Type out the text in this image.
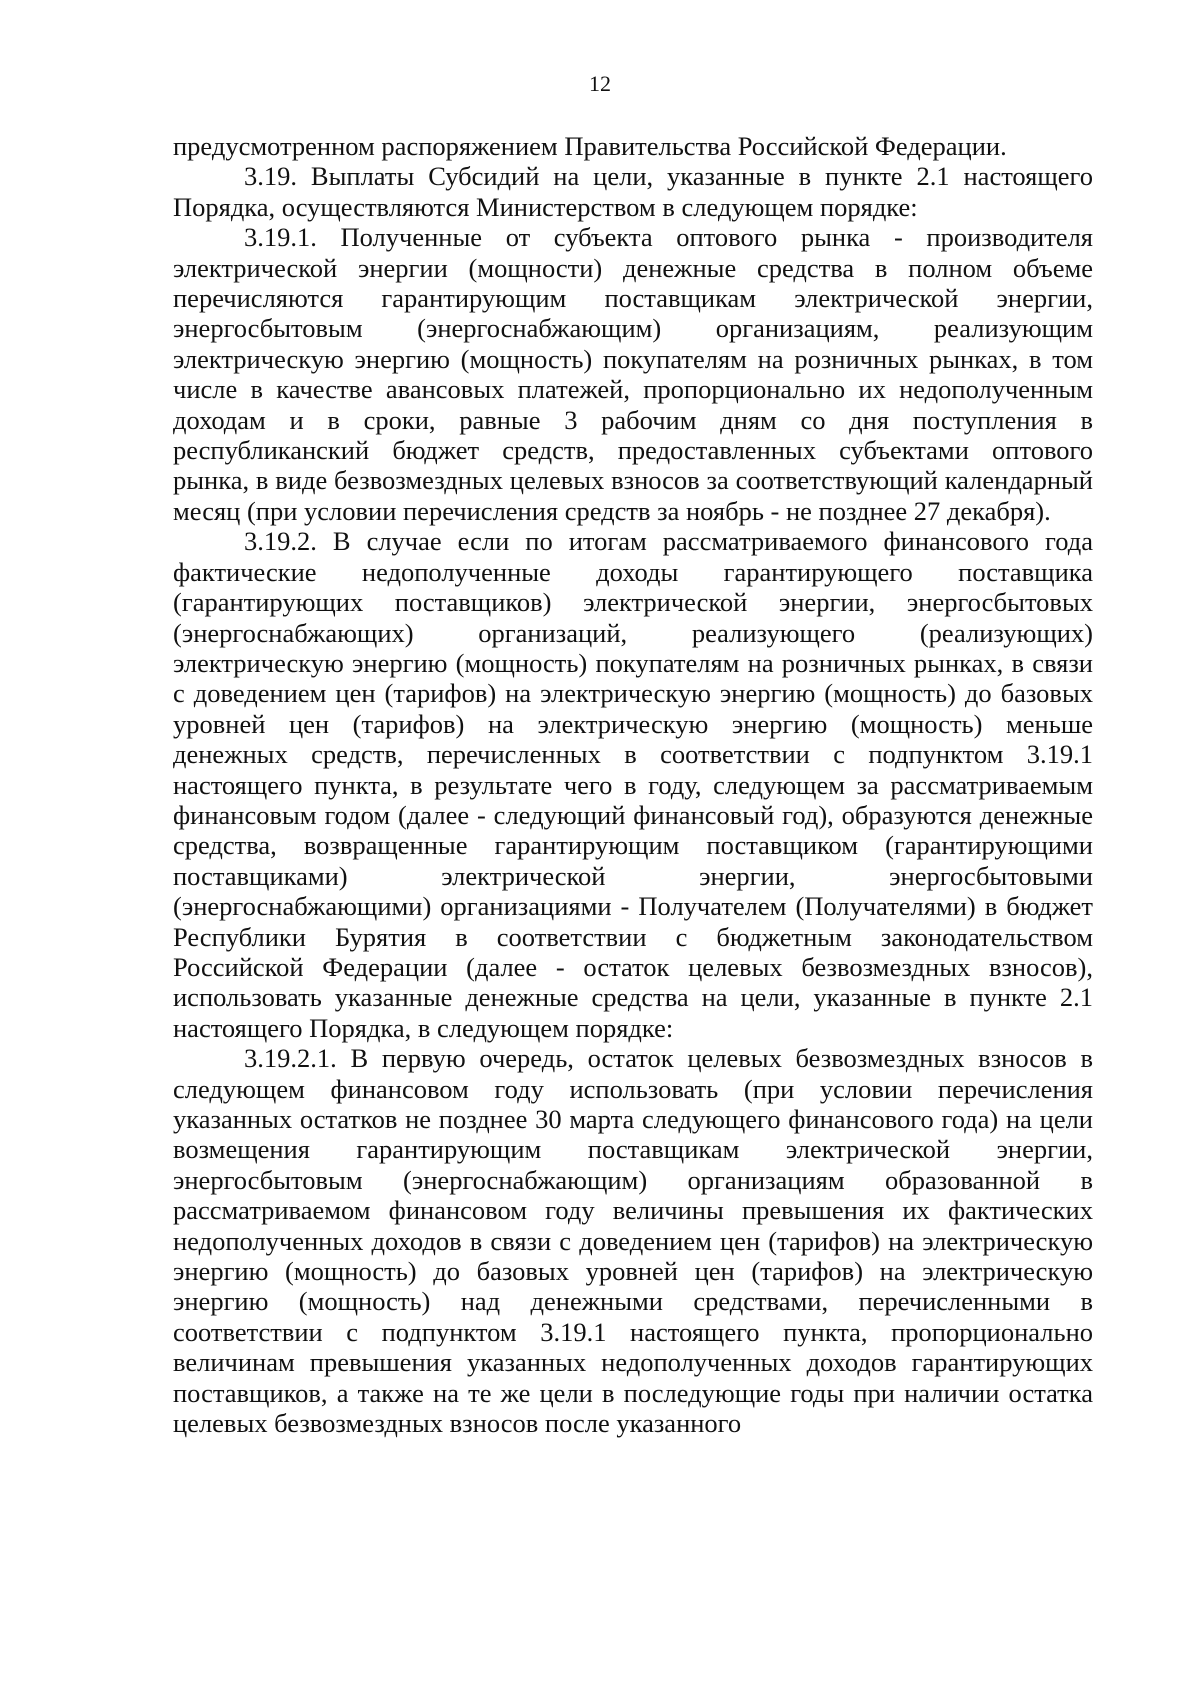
12

предусмотренном распоряжением Правительства Российской Федерации.

3.19. Выплаты Субсидий на цели, указанные в пункте 2.1 настоящего Порядка, осуществляются Министерством в следующем порядке:

3.19.1. Полученные от субъекта оптового рынка - производителя электрической энергии (мощности) денежные средства в полном объеме перечисляются гарантирующим поставщикам электрической энергии, энергосбытовым (энергоснабжающим) организациям, реализующим электрическую энергию (мощность) покупателям на розничных рынках, в том числе в качестве авансовых платежей, пропорционально их недополученным доходам и в сроки, равные 3 рабочим дням со дня поступления в республиканский бюджет средств, предоставленных субъектами оптового рынка, в виде безвозмездных целевых взносов за соответствующий календарный месяц (при условии перечисления средств за ноябрь - не позднее 27 декабря).

3.19.2. В случае если по итогам рассматриваемого финансового года фактические недополученные доходы гарантирующего поставщика (гарантирующих поставщиков) электрической энергии, энергосбытовых (энергоснабжающих) организаций, реализующего (реализующих) электрическую энергию (мощность) покупателям на розничных рынках, в связи с доведением цен (тарифов) на электрическую энергию (мощность) до базовых уровней цен (тарифов) на электрическую энергию (мощность) меньше денежных средств, перечисленных в соответствии с подпунктом 3.19.1 настоящего пункта, в результате чего в году, следующем за рассматриваемым финансовым годом (далее - следующий финансовый год), образуются денежные средства, возвращенные гарантирующим поставщиком (гарантирующими поставщиками) электрической энергии, энергосбытовыми (энергоснабжающими) организациями - Получателем (Получателями) в бюджет Республики Бурятия в соответствии с бюджетным законодательством Российской Федерации (далее - остаток целевых безвозмездных взносов), использовать указанные денежные средства на цели, указанные в пункте 2.1 настоящего Порядка, в следующем порядке:

3.19.2.1. В первую очередь, остаток целевых безвозмездных взносов в следующем финансовом году использовать (при условии перечисления указанных остатков не позднее 30 марта следующего финансового года) на цели возмещения гарантирующим поставщикам электрической энергии, энергосбытовым (энергоснабжающим) организациям образованной в рассматриваемом финансовом году величины превышения их фактических недополученных доходов в связи с доведением цен (тарифов) на электрическую энергию (мощность) до базовых уровней цен (тарифов) на электрическую энергию (мощность) над денежными средствами, перечисленными в соответствии с подпунктом 3.19.1 настоящего пункта, пропорционально величинам превышения указанных недополученных доходов гарантирующих поставщиков, а также на те же цели в последующие годы при наличии остатка целевых безвозмездных взносов после указанного
